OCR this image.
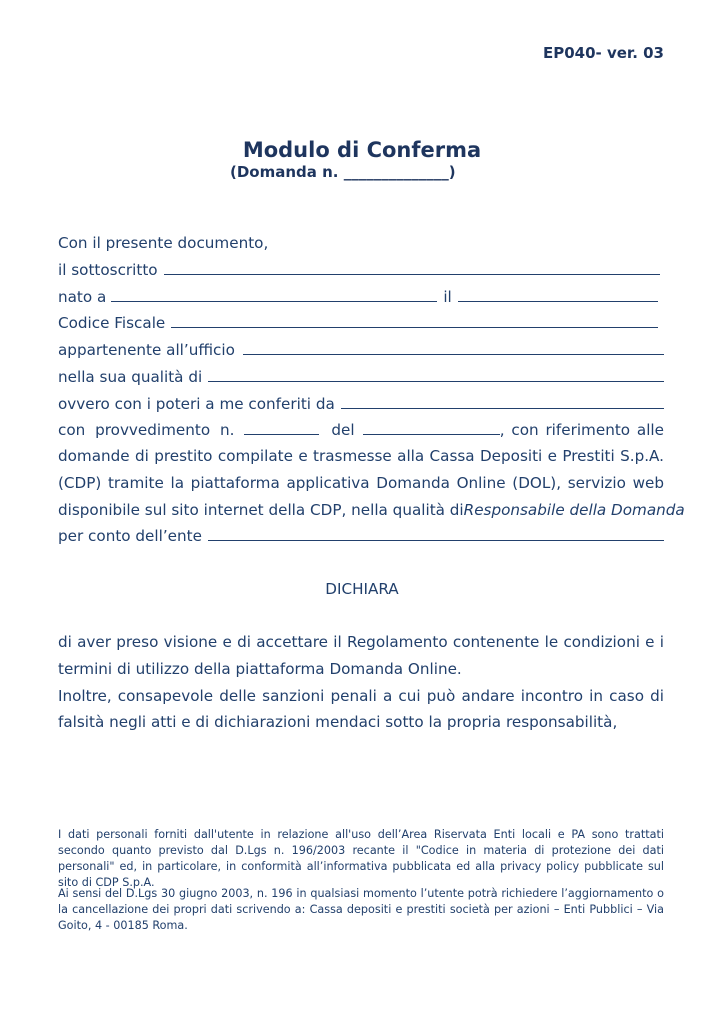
EP040- ver. 03
Modulo di Conferma
(Domanda n. ______________)
Con il presente documento,
il sottoscritto
nato a	il
Codice Fiscale
appartenente all’ufficio
nella sua qualità di
ovvero con i poteri a me conferiti da
con provvedimento n.	del	, con riferimento alle
domande di prestito compilate e trasmesse alla Cassa Depositi e Prestiti S.p.A.
(CDP) tramite la piattaforma applicativa Domanda Online (DOL), servizio web
disponibile sul sito internet della CDP, nella qualità di Responsabile della Domanda
per conto dell’ente
DICHIARA
di aver preso visione e di accettare il Regolamento contenente le condizioni e i
termini di utilizzo della piattaforma Domanda Online.
Inoltre, consapevole delle sanzioni penali a cui può andare incontro in caso di
falsità negli atti e di dichiarazioni mendaci sotto la propria responsabilità,
I dati personali forniti dall'utente in relazione all'uso dell’Area Riservata Enti locali e PA sono trattati secondo quanto previsto dal D.Lgs n. 196/2003 recante il "Codice in materia di protezione dei dati personali" ed, in particolare, in conformità all’informativa pubblicata ed alla privacy policy pubblicate sul sito di CDP S.p.A.
Ai sensi del D.Lgs 30 giugno 2003, n. 196 in qualsiasi momento l’utente potrà richiedere l’aggiornamento o la cancellazione dei propri dati scrivendo a: Cassa depositi e prestiti società per azioni – Enti Pubblici – Via Goito, 4 - 00185 Roma.
